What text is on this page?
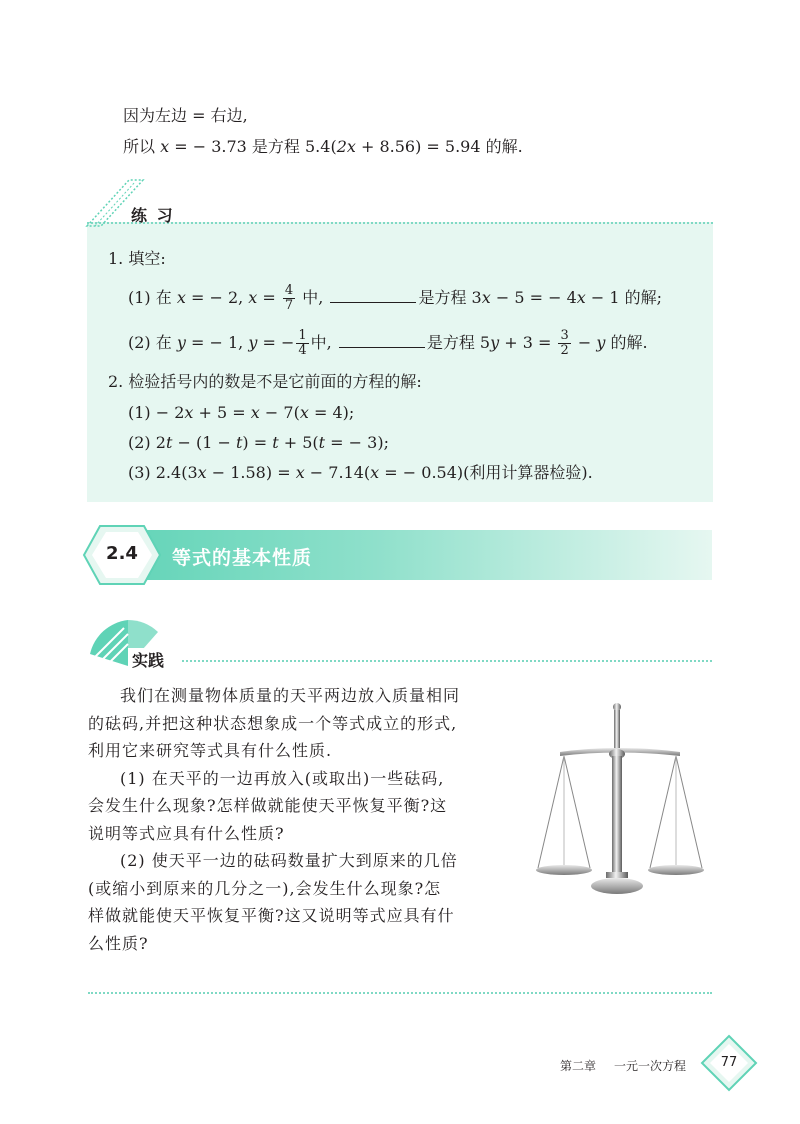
因为左边 = 右边,
所以 x = − 3.73 是方程 5.4(2x + 8.56) = 5.94 的解.
练 习
1. 填空:
(1) 在 x = − 2, $x = \frac{4}{7}$ 中,	是方程 3x − 5 = − 4x − 1 的解;
(2) 在 y = − 1, y = − $\frac{1}{4}$ 中,	是方程 $5y + 3 = \frac{3}{2} - y$ 的解.
2. 检验括号内的数是不是它前面的方程的解:
(1) − 2x + 5 = x − 7(x = 4);
(2) 2t − (1 − t) = t + 5(t = − 3);
(3) 2.4(3x − 1.58) = x − 7.14(x = − 0.54)(利用计算器检验).
2.4	等式的基本性质
实践
我们在测量物体质量的天平两边放入质量相同
的砝码,并把这种状态想象成一个等式成立的形式,
利用它来研究等式具有什么性质.
(1) 在天平的一边再放入(或取出)一些砝码,
会发生什么现象?怎样做就能使天平恢复平衡?这
说明等式应具有什么性质?
(2) 使天平一边的砝码数量扩大到原来的几倍
(或缩小到原来的几分之一),会发生什么现象?怎
样做就能使天平恢复平衡?这又说明等式应具有什
么性质?
第二章 一元一次方程	77
